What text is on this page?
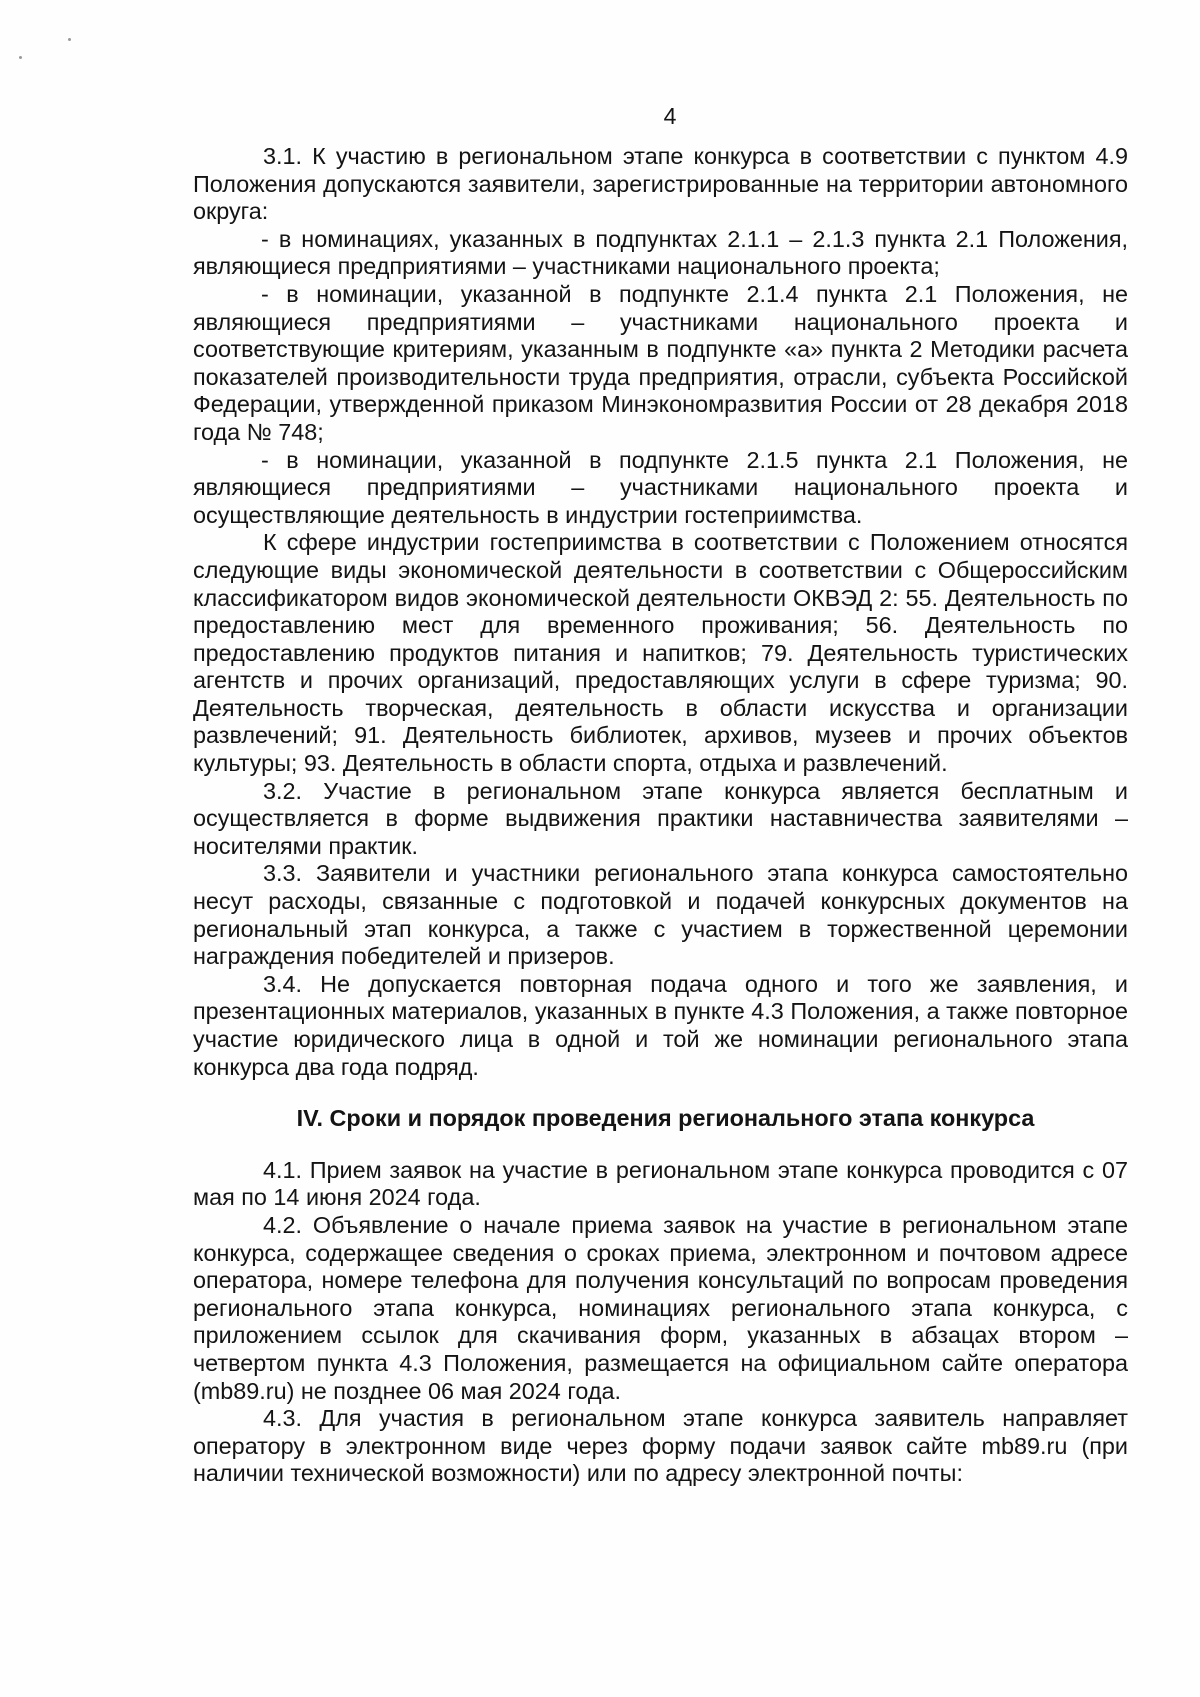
4

3.1. К участию в региональном этапе конкурса в соответствии с пунктом 4.9 Положения допускаются заявители, зарегистрированные на территории автономного округа:

- в номинациях, указанных в подпунктах 2.1.1 – 2.1.3 пункта 2.1 Положения, являющиеся предприятиями – участниками национального проекта;

- в номинации, указанной в подпункте 2.1.4 пункта 2.1 Положения, не являющиеся предприятиями – участниками национального проекта и соответствующие критериям, указанным в подпункте «а» пункта 2 Методики расчета показателей производительности труда предприятия, отрасли, субъекта Российской Федерации, утвержденной приказом Минэкономразвития России от 28 декабря 2018 года № 748;

- в номинации, указанной в подпункте 2.1.5 пункта 2.1 Положения, не являющиеся предприятиями – участниками национального проекта и осуществляющие деятельность в индустрии гостеприимства.

К сфере индустрии гостеприимства в соответствии с Положением относятся следующие виды экономической деятельности в соответствии с Общероссийским классификатором видов экономической деятельности ОКВЭД 2: 55. Деятельность по предоставлению мест для временного проживания; 56. Деятельность по предоставлению продуктов питания и напитков; 79. Деятельность туристических агентств и прочих организаций, предоставляющих услуги в сфере туризма; 90. Деятельность творческая, деятельность в области искусства и организации развлечений; 91. Деятельность библиотек, архивов, музеев и прочих объектов культуры; 93. Деятельность в области спорта, отдыха и развлечений.

3.2. Участие в региональном этапе конкурса является бесплатным и осуществляется в форме выдвижения практики наставничества заявителями – носителями практик.

3.3. Заявители и участники регионального этапа конкурса самостоятельно несут расходы, связанные с подготовкой и подачей конкурсных документов на региональный этап конкурса, а также с участием в торжественной церемонии награждения победителей и призеров.

3.4. Не допускается повторная подача одного и того же заявления, и презентационных материалов, указанных в пункте 4.3 Положения, а также повторное участие юридического лица в одной и той же номинации регионального этапа конкурса два года подряд.

IV. Сроки и порядок проведения регионального этапа конкурса

4.1. Прием заявок на участие в региональном этапе конкурса проводится с 07 мая по 14 июня 2024 года.

4.2. Объявление о начале приема заявок на участие в региональном этапе конкурса, содержащее сведения о сроках приема, электронном и почтовом адресе оператора, номере телефона для получения консультаций по вопросам проведения регионального этапа конкурса, номинациях регионального этапа конкурса, с приложением ссылок для скачивания форм, указанных в абзацах втором – четвертом пункта 4.3 Положения, размещается на официальном сайте оператора (mb89.ru) не позднее 06 мая 2024 года.

4.3. Для участия в региональном этапе конкурса заявитель направляет оператору в электронном виде через форму подачи заявок сайте mb89.ru (при наличии технической возможности) или по адресу электронной почты:
